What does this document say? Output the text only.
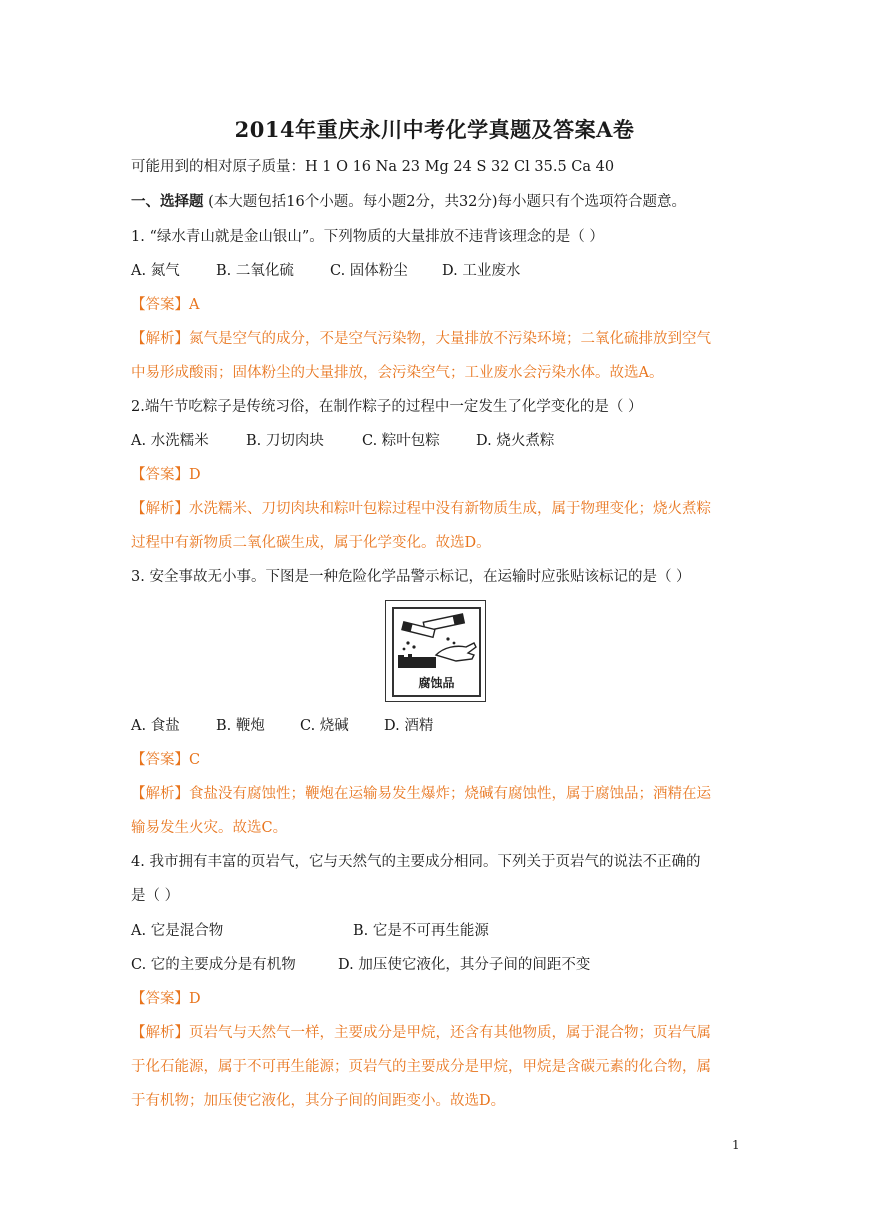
2014年重庆永川中考化学真题及答案A卷
可能用到的相对原子质量：H 1 O 16 Na 23 Mg 24 S 32 Cl 35.5 Ca 40
一、选择题 (本大题包括16个小题。每小题2分，共32分)每小题只有个选项符合题意。
1. “绿水青山就是金山银山”。下列物质的大量排放不违背该理念的是（ ）
A. 氮气	B. 二氧化硫 C. 固体粉尘 D. 工业废水
【答案】A
【解析】氮气是空气的成分，不是空气污染物，大量排放不污染环境；二氧化硫排放到空气
中易形成酸雨；固体粉尘的大量排放，会污染空气；工业废水会污染水体。故选A。
2.端午节吃粽子是传统习俗，在制作粽子的过程中一定发生了化学变化的是（ ）
A. 水洗糯米	B. 刀切肉块	C. 粽叶包粽 D. 烧火煮粽
【答案】D
【解析】水洗糯米、刀切肉块和粽叶包粽过程中没有新物质生成，属于物理变化；烧火煮粽
过程中有新物质二氧化碳生成，属于化学变化。故选D。
3. 安全事故无小事。下图是一种危险化学品警示标记，在运输时应张贴该标记的是（ ）
腐蚀品
A. 食盐	B. 鞭炮 C. 烧碱 D. 酒精
【答案】C
【解析】食盐没有腐蚀性；鞭炮在运输易发生爆炸；烧碱有腐蚀性，属于腐蚀品；酒精在运
输易发生火灾。故选C。
4. 我市拥有丰富的页岩气，它与天然气的主要成分相同。下列关于页岩气的说法不正确的
是（ ）
A. 它是混合物	B. 它是不可再生能源
C. 它的主要成分是有机物	D. 加压使它液化，其分子间的间距不变
【答案】D
【解析】页岩气与天然气一样，主要成分是甲烷，还含有其他物质，属于混合物；页岩气属
于化石能源，属于不可再生能源；页岩气的主要成分是甲烷，甲烷是含碳元素的化合物，属
于有机物；加压使它液化，其分子间的间距变小。故选D。
1
